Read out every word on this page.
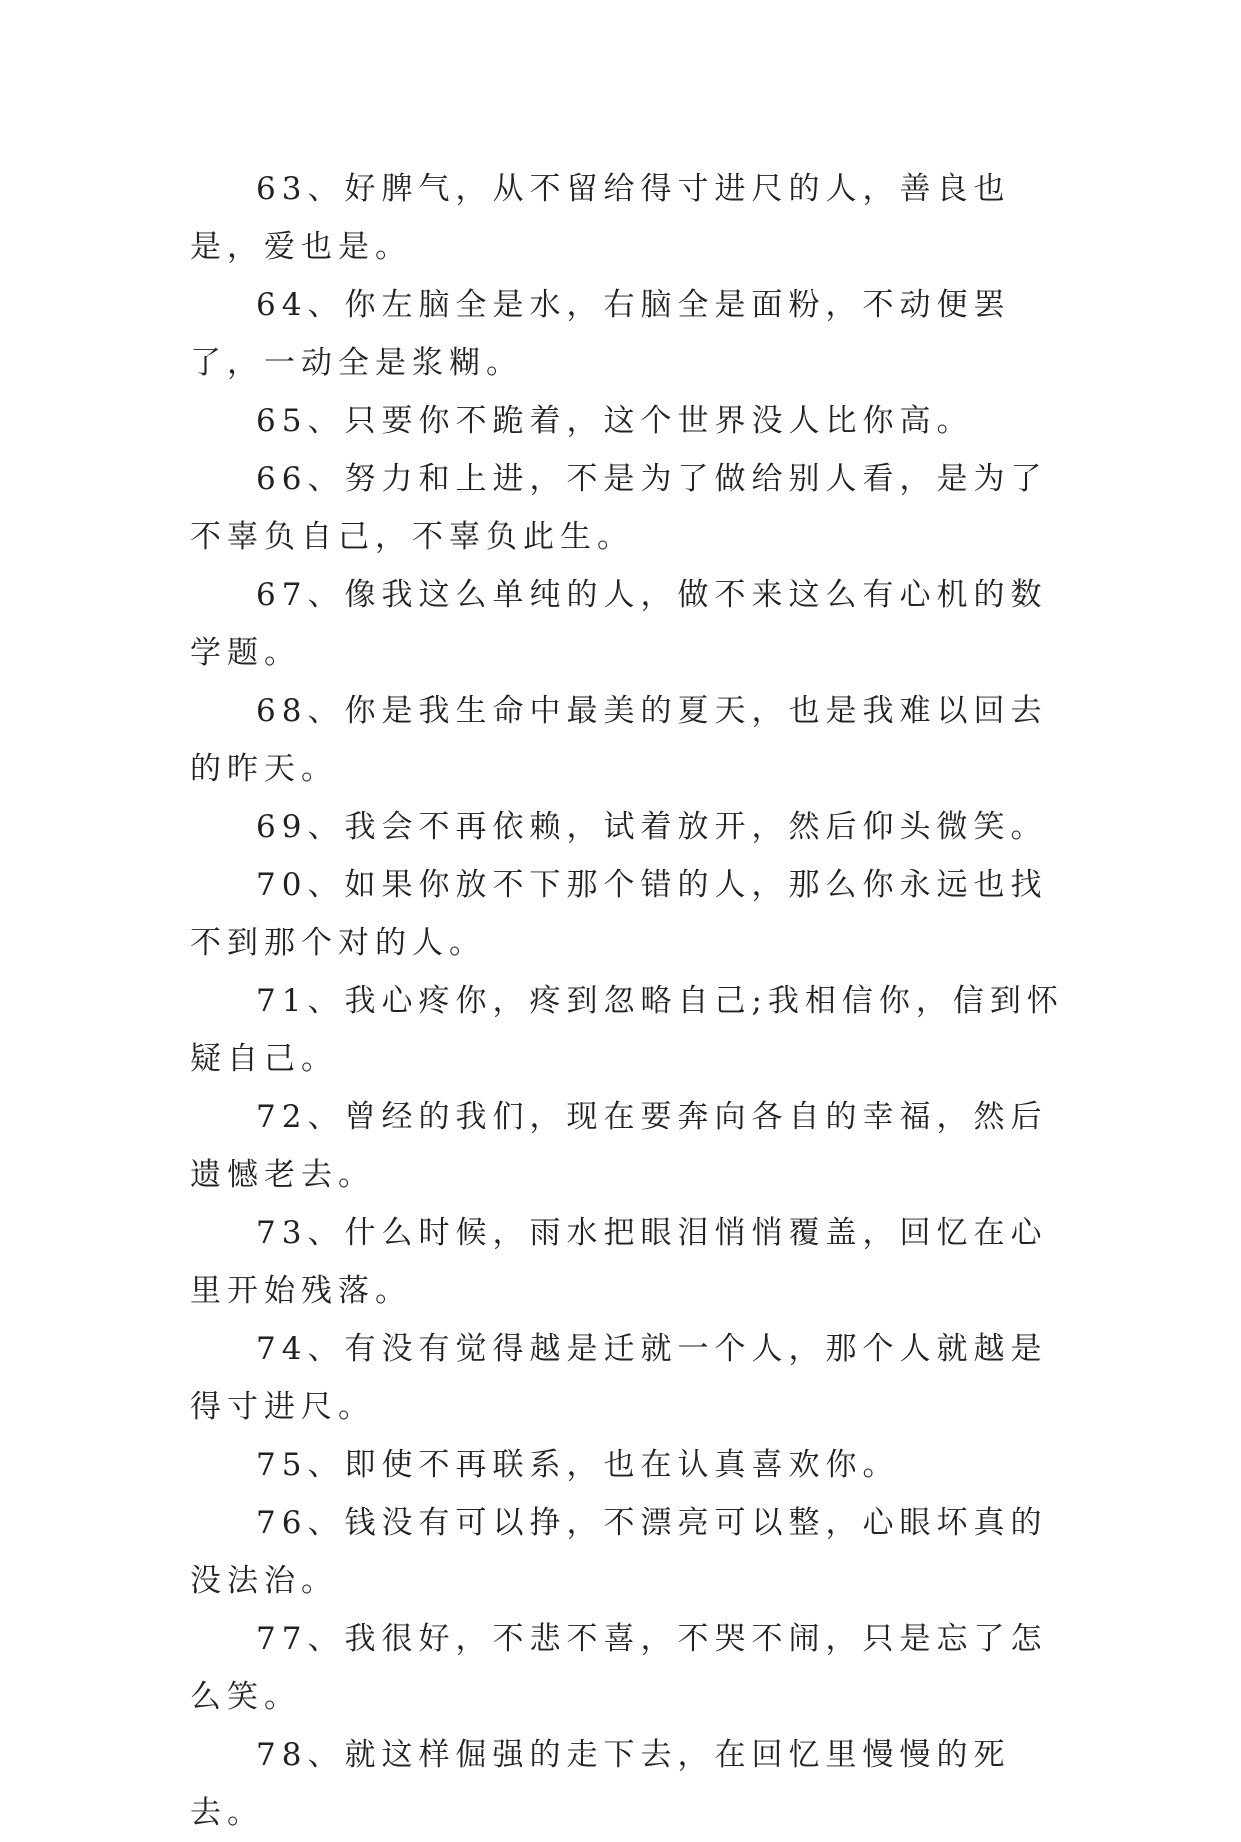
63、好脾气，从不留给得寸进尺的人，善良也是，爱也是。

64、你左脑全是水，右脑全是面粉，不动便罢了，一动全是浆糊。

65、只要你不跪着，这个世界没人比你高。

66、努力和上进，不是为了做给别人看，是为了不辜负自己，不辜负此生。

67、像我这么单纯的人，做不来这么有心机的数学题。

68、你是我生命中最美的夏天，也是我难以回去的昨天。

69、我会不再依赖，试着放开，然后仰头微笑。

70、如果你放不下那个错的人，那么你永远也找不到那个对的人。

71、我心疼你，疼到忽略自己;我相信你，信到怀疑自己。

72、曾经的我们，现在要奔向各自的幸福，然后遗憾老去。

73、什么时候，雨水把眼泪悄悄覆盖，回忆在心里开始残落。

74、有没有觉得越是迁就一个人，那个人就越是得寸进尺。

75、即使不再联系，也在认真喜欢你。

76、钱没有可以挣，不漂亮可以整，心眼坏真的没法治。

77、我很好，不悲不喜，不哭不闹，只是忘了怎么笑。

78、就这样倔强的走下去，在回忆里慢慢的死去。
